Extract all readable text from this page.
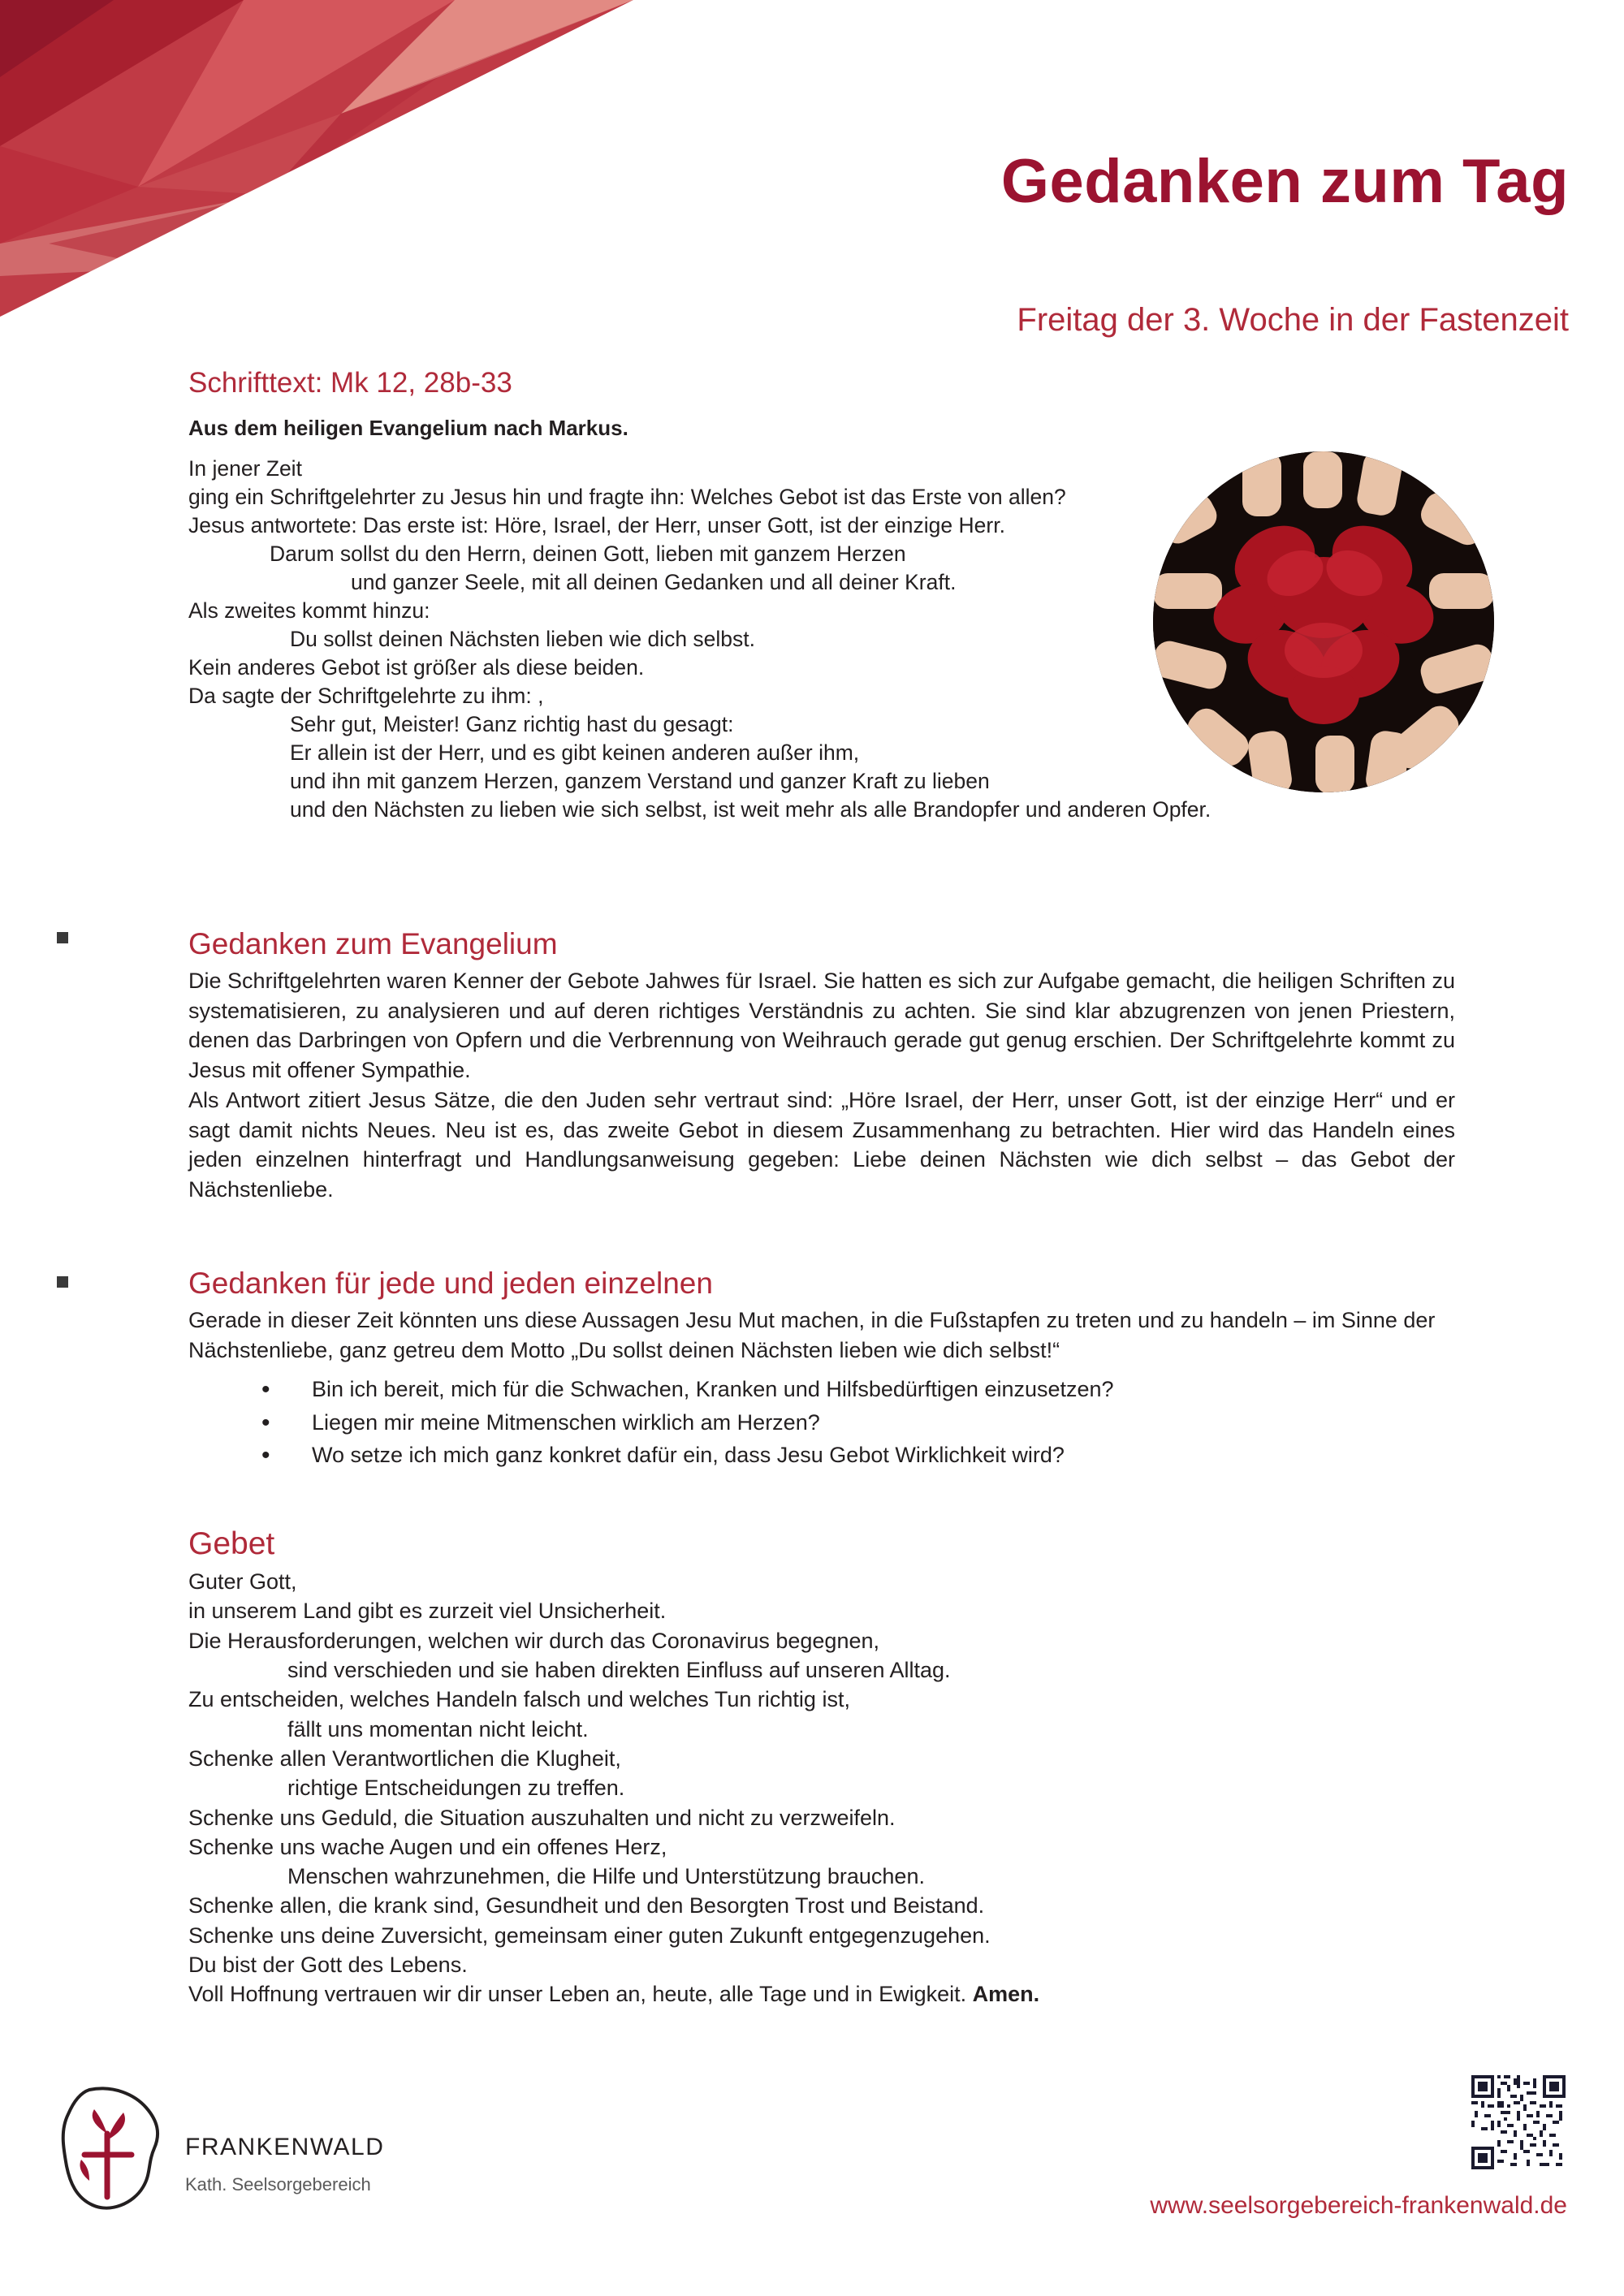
Gedanken zum Tag
Freitag der 3. Woche in der Fastenzeit
Schrifttext: Mk 12, 28b-33
Aus dem heiligen Evangelium nach Markus.
In jener Zeit
ging ein Schriftgelehrter zu Jesus hin und fragte ihn: Welches Gebot ist das Erste von allen?
Jesus antwortete: Das erste ist: Höre, Israel, der Herr, unser Gott, ist der einzige Herr.
Darum sollst du den Herrn, deinen Gott, lieben mit ganzem Herzen
und ganzer Seele, mit all deinen Gedanken und all deiner Kraft.
Als zweites kommt hinzu:
Du sollst deinen Nächsten lieben wie dich selbst.
Kein anderes Gebot ist größer als diese beiden.
Da sagte der Schriftgelehrte zu ihm: ,
Sehr gut, Meister! Ganz richtig hast du gesagt:
Er allein ist der Herr, und es gibt keinen anderen außer ihm,
und ihn mit ganzem Herzen, ganzem Verstand und ganzer Kraft zu lieben
und den Nächsten zu lieben wie sich selbst, ist weit mehr als alle Brandopfer und anderen Opfer.
Gedanken zum Evangelium

Die Schriftgelehrten waren Kenner der Gebote Jahwes für Israel. Sie hatten es sich zur Aufgabe gemacht, die heiligen Schriften zu systematisieren, zu analysieren und auf deren richtiges Verständnis zu achten. Sie sind klar abzugrenzen von jenen Priestern, denen das Darbringen von Opfern und die Verbrennung von Weihrauch gerade gut genug erschien. Der Schriftgelehrte kommt zu Jesus mit offener Sympathie.

Als Antwort zitiert Jesus Sätze, die den Juden sehr vertraut sind: „Höre Israel, der Herr, unser Gott, ist der einzige Herr“ und er sagt damit nichts Neues. Neu ist es, das zweite Gebot in diesem Zusammenhang zu betrachten. Hier wird das Handeln eines jeden einzelnen hinterfragt und Handlungsanweisung gegeben: Liebe deinen Nächsten wie dich selbst – das Gebot der Nächstenliebe.

Gedanken für jede und jeden einzelnen

Gerade in dieser Zeit könnten uns diese Aussagen Jesu Mut machen, in die Fußstapfen zu treten und zu handeln – im Sinne der Nächstenliebe, ganz getreu dem Motto „Du sollst deinen Nächsten lieben wie dich selbst!“

• Bin ich bereit, mich für die Schwachen, Kranken und Hilfsbedürftigen einzusetzen?
• Liegen mir meine Mitmenschen wirklich am Herzen?
• Wo setze ich mich ganz konkret dafür ein, dass Jesu Gebot Wirklichkeit wird?
Gebet
Guter Gott,
in unserem Land gibt es zurzeit viel Unsicherheit.
Die Herausforderungen, welchen wir durch das Coronavirus begegnen,
sind verschieden und sie haben direkten Einfluss auf unseren Alltag.
Zu entscheiden, welches Handeln falsch und welches Tun richtig ist,
fällt uns momentan nicht leicht.
Schenke allen Verantwortlichen die Klugheit,
richtige Entscheidungen zu treffen.
Schenke uns Geduld, die Situation auszuhalten und nicht zu verzweifeln.
Schenke uns wache Augen und ein offenes Herz,
Menschen wahrzunehmen, die Hilfe und Unterstützung brauchen.
Schenke allen, die krank sind, Gesundheit und den Besorgten Trost und Beistand.
Schenke uns deine Zuversicht, gemeinsam einer guten Zukunft entgegenzugehen.
Du bist der Gott des Lebens.
Voll Hoffnung vertrauen wir dir unser Leben an, heute, alle Tage und in Ewigkeit. Amen.
FRANKENWALD
Kath. Seelsorgebereich
www.seelsorgebereich-frankenwald.de
